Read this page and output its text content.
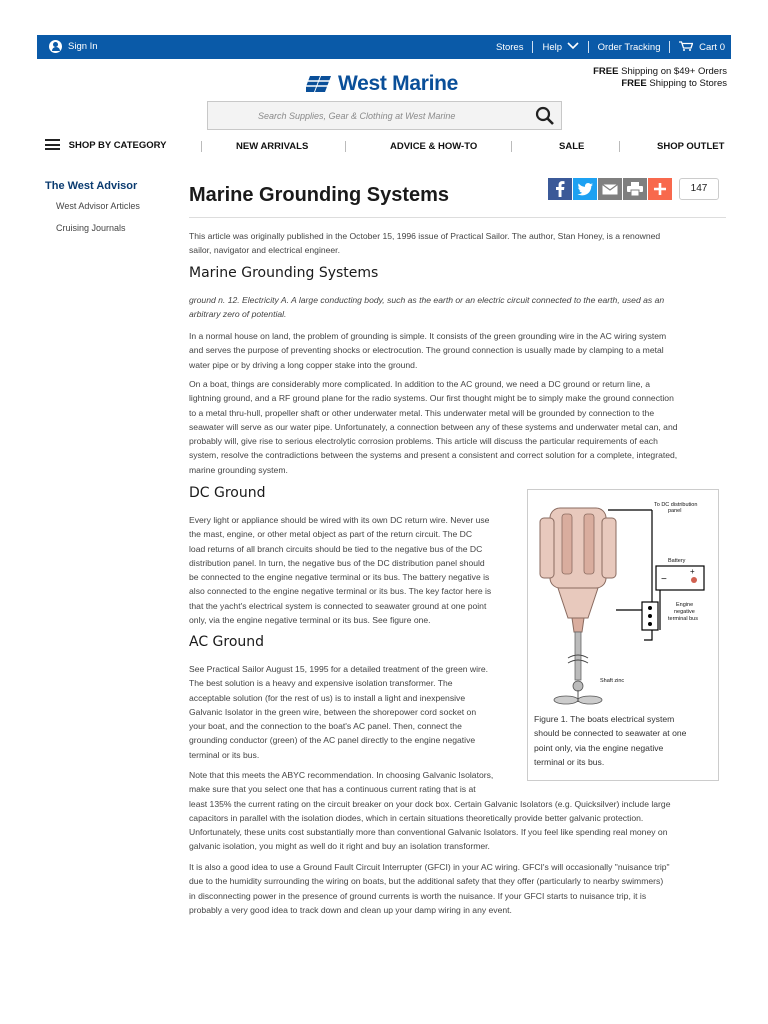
Sign In	Stores	Help	Order Tracking	Cart 0
West Marine
FREE Shipping on $49+ Orders
FREE Shipping to Stores
Search Supplies, Gear & Clothing at West Marine
SHOP BY CATEGORY	NEW ARRIVALS	ADVICE & HOW-TO	SALE	SHOP OUTLET
The West Advisor
West Advisor Articles
Cruising Journals
Marine Grounding Systems	147
This article was originally published in the October 15, 1996 issue of Practical Sailor. The author, Stan Honey, is a renowned
sailor, navigator and electrical engineer.
Marine Grounding Systems
ground n. 12. Electricity A. A large conducting body, such as the earth or an electric circuit connected to the earth, used as an
arbitrary zero of potential.
In a normal house on land, the problem of grounding is simple. It consists of the green grounding wire in the AC wiring system
and serves the purpose of preventing shocks or electrocution. The ground connection is usually made by clamping to a metal
water pipe or by driving a long copper stake into the ground.
On a boat, things are considerably more complicated. In addition to the AC ground, we need a DC ground or return line, a
lightning ground, and a RF ground plane for the radio systems. Our first thought might be to simply make the ground connection
to a metal thru-hull, propeller shaft or other underwater metal. This underwater metal will be grounded by connection to the
seawater will serve as our water pipe. Unfortunately, a connection between any of these systems and underwater metal can, and
probably will, give rise to serious electrolytic corrosion problems. This article will discuss the particular requirements of each
system, resolve the contradictions between the systems and present a consistent and correct solution for a complete, integrated,
marine grounding system.
DC Ground
Every light or appliance should be wired with its own DC return wire. Never use
the mast, engine, or other metal object as part of the return circuit. The DC
load returns of all branch circuits should be tied to the negative bus of the DC
distribution panel. In turn, the negative bus of the DC distribution panel should
be connected to the engine negative terminal or its bus. The battery negative is
also connected to the engine negative terminal or its bus. The key factor here is
that the yacht's electrical system is connected to seawater ground at one point
only, via the engine negative terminal or its bus. See figure one.
AC Ground
See Practical Sailor August 15, 1995 for a detailed treatment of the green wire.
The best solution is a heavy and expensive isolation transformer. The
acceptable solution (for the rest of us) is to install a light and inexpensive
Galvanic Isolator in the green wire, between the shorepower cord socket on
your boat, and the connection to the boat's AC panel. Then, connect the
grounding conductor (green) of the AC panel directly to the engine negative
terminal or its bus.
Note that this meets the ABYC recommendation. In choosing Galvanic Isolators,
make sure that you select one that has a continuous current rating that is at
least 135% the current rating on the circuit breaker on your dock box. Certain Galvanic Isolators (e.g. Quicksilver) include large
capacitors in parallel with the isolation diodes, which in certain situations theoretically provide better galvanic protection.
Unfortunately, these units cost substantially more than conventional Galvanic Isolators. If you feel like spending real money on
galvanic isolation, you might as well do it right and buy an isolation transformer.
It is also a good idea to use a Ground Fault Circuit Interrupter (GFCI) in your AC wiring. GFCI's will occasionally "nuisance trip"
due to the humidity surrounding the wiring on boats, but the additional safety that they offer (particularly to nearby swimmers)
in disconnecting power in the presence of ground currents is worth the nuisance. If your GFCI starts to nuisance trip, it is
probably a very good idea to track down and clean up your damp wiring in any event.
To DC distribution
panel
Battery
−
+
Engine
negative
terminal bus
Shaft zinc
Figure 1. The boats electrical system
should be connected to seawater at one
point only, via the engine negative
terminal or its bus.
